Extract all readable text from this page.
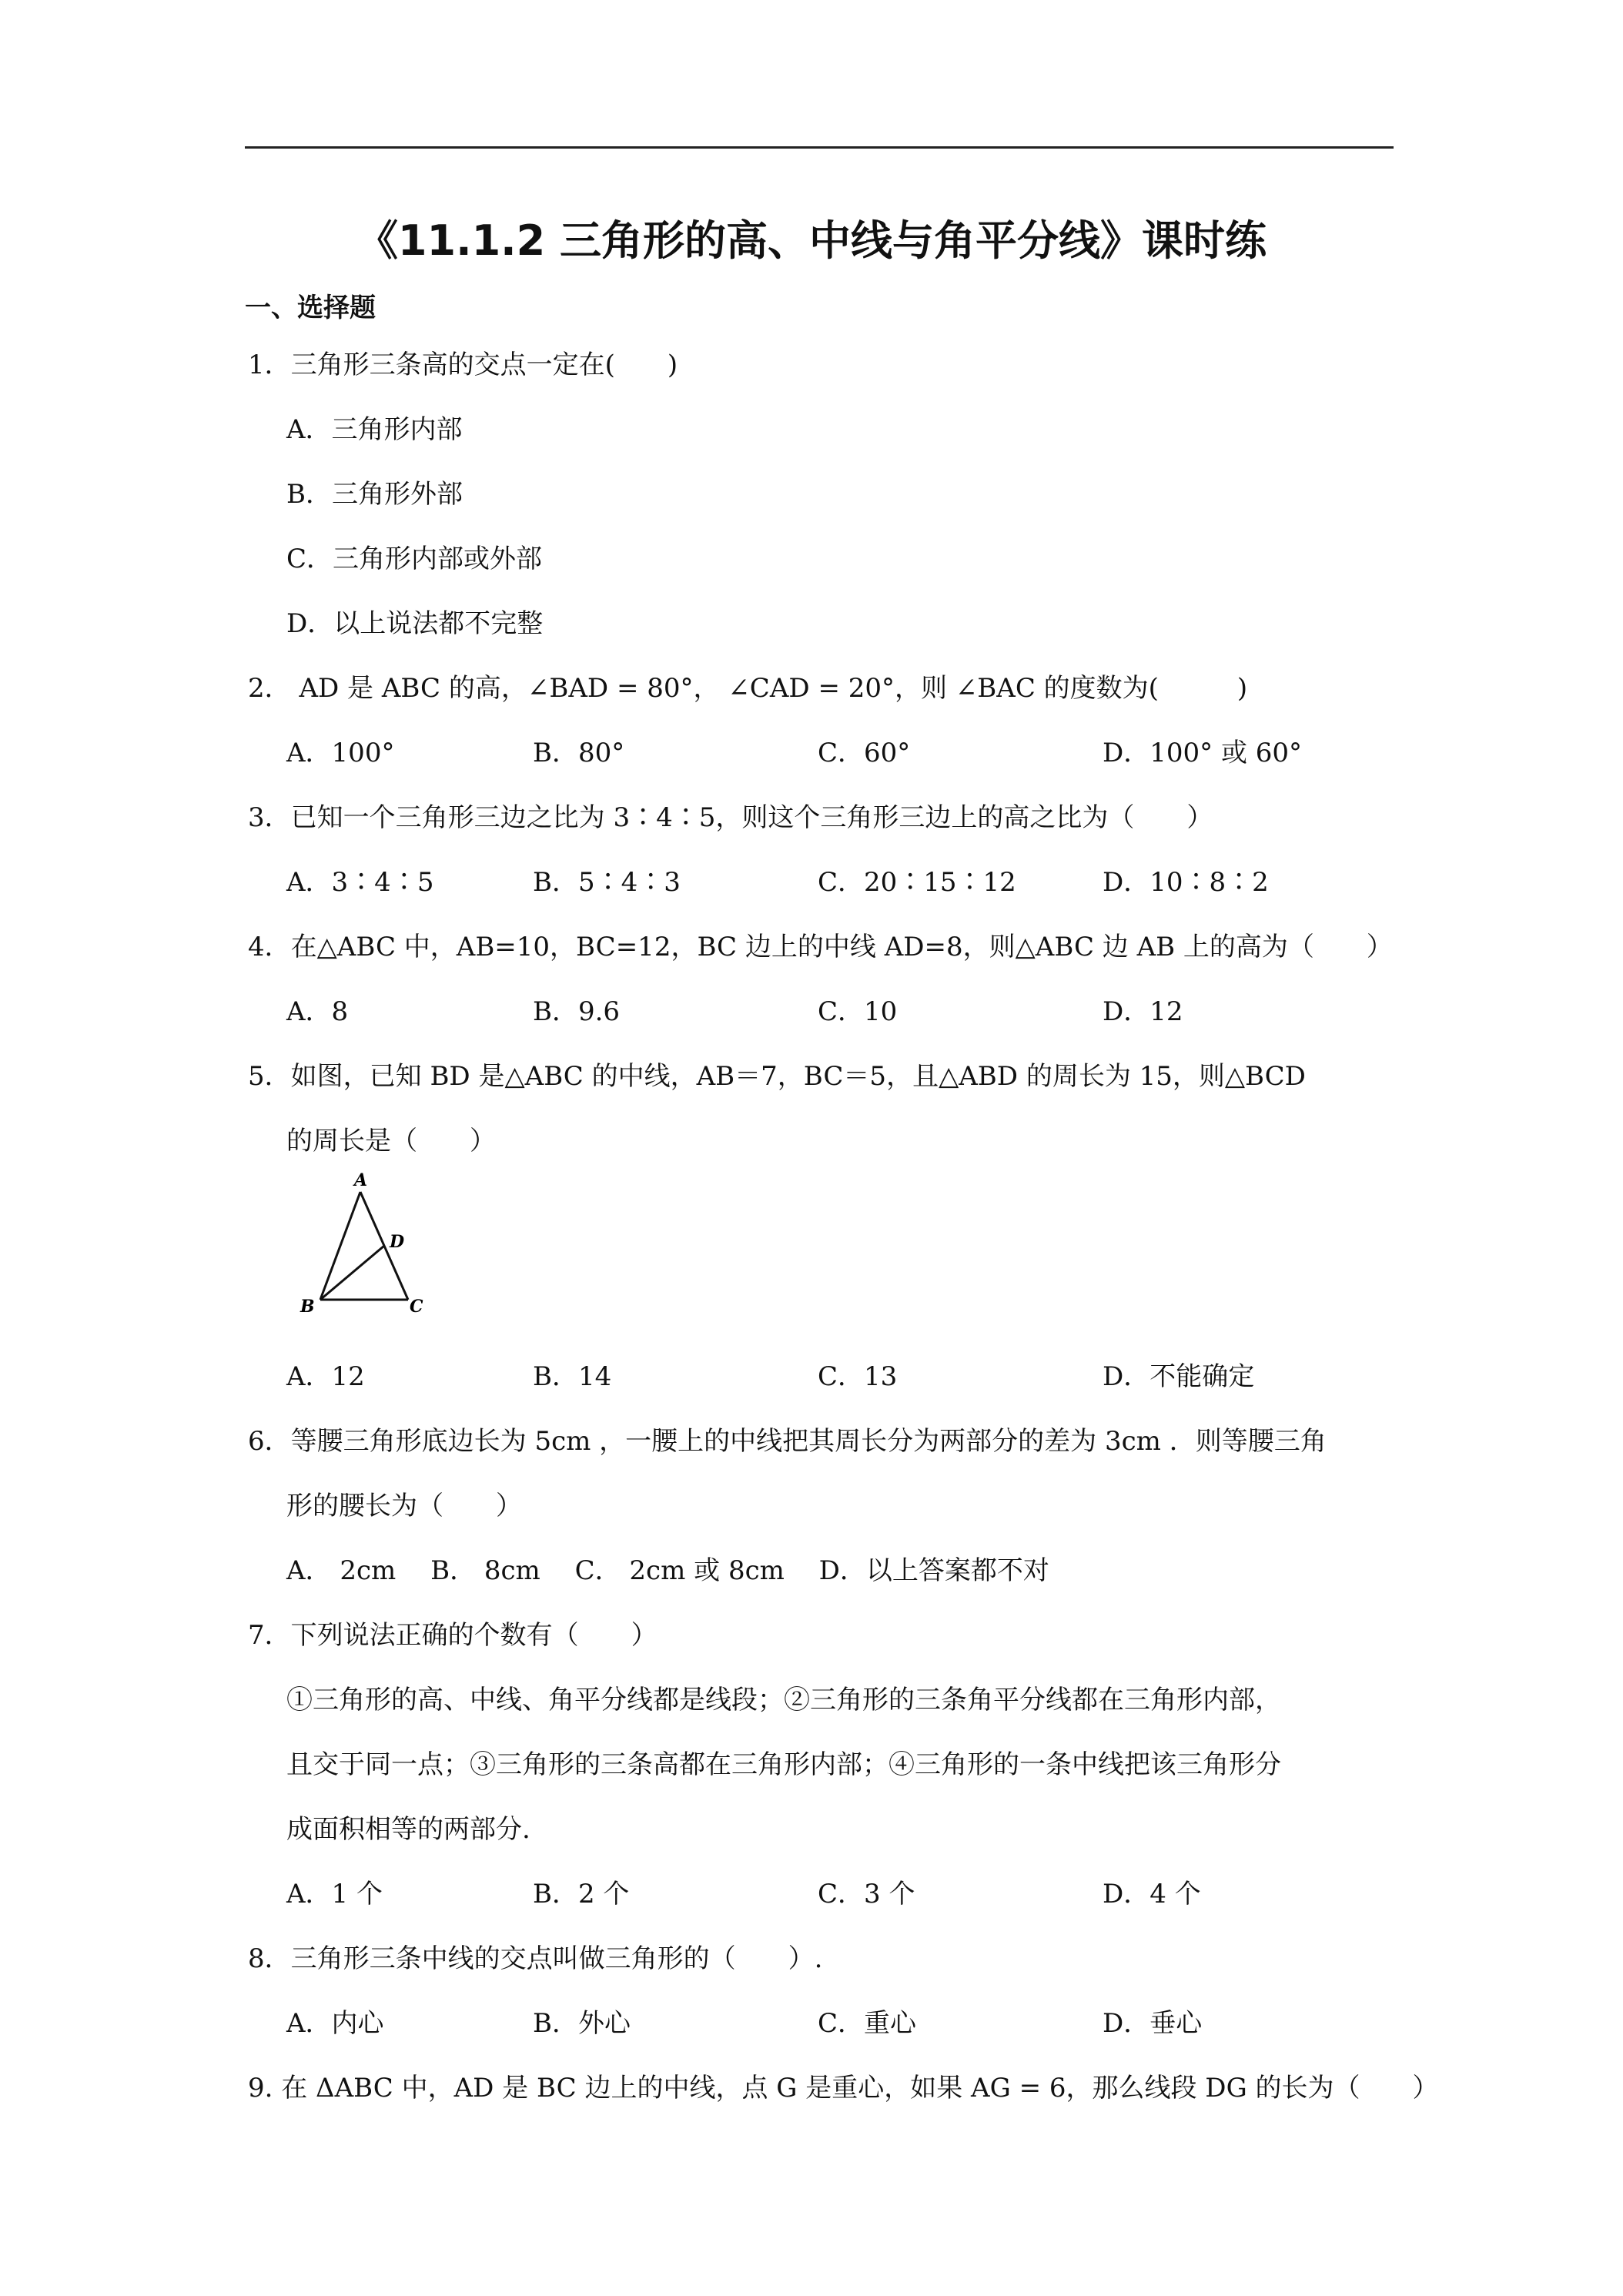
《11.1.2 三角形的高、中线与角平分线》课时练
一、选择题
1．三角形三条高的交点一定在(　　)
A．三角形内部
B．三角形外部
C．三角形内部或外部
D．以上说法都不完整
2． AD 是 ABC 的高，∠BAD = 80°， ∠CAD = 20°，则 ∠BAC 的度数为(　　　)
A．100°	B．80°	C．60°	D．100° 或 60°
3．已知一个三角形三边之比为 3∶4∶5，则这个三角形三边上的高之比为（　　）
A．3∶4∶5	B．5∶4∶3	C．20∶15∶12	D．10∶8∶2
4．在△ABC 中，AB=10，BC=12，BC 边上的中线 AD=8，则△ABC 边 AB 上的高为（　　）
A．8	B．9.6	C．10	D．12
5．如图，已知 BD 是△ABC 的中线，AB＝7，BC＝5，且△ABD 的周长为 15，则△BCD
的周长是（　　）
A
B	C
D
A．12	B．14	C．13	D．不能确定
6．等腰三角形底边长为 5cm ，一腰上的中线把其周长分为两部分的差为 3cm ．则等腰三角
形的腰长为（　　）
A． 2cm 　B． 8cm 　C． 2cm 或 8cm 　D．以上答案都不对
7．下列说法正确的个数有（　　）
①三角形的高、中线、角平分线都是线段；②三角形的三条角平分线都在三角形内部，
且交于同一点；③三角形的三条高都在三角形内部；④三角形的一条中线把该三角形分
成面积相等的两部分.
A．1 个	B．2 个	C．3 个	D．4 个
8．三角形三条中线的交点叫做三角形的（　　）.
A．内心	B．外心	C．重心	D．垂心
9. 在 ΔABC 中，AD 是 BC 边上的中线，点 G 是重心，如果 AG = 6，那么线段 DG 的长为（　　）
